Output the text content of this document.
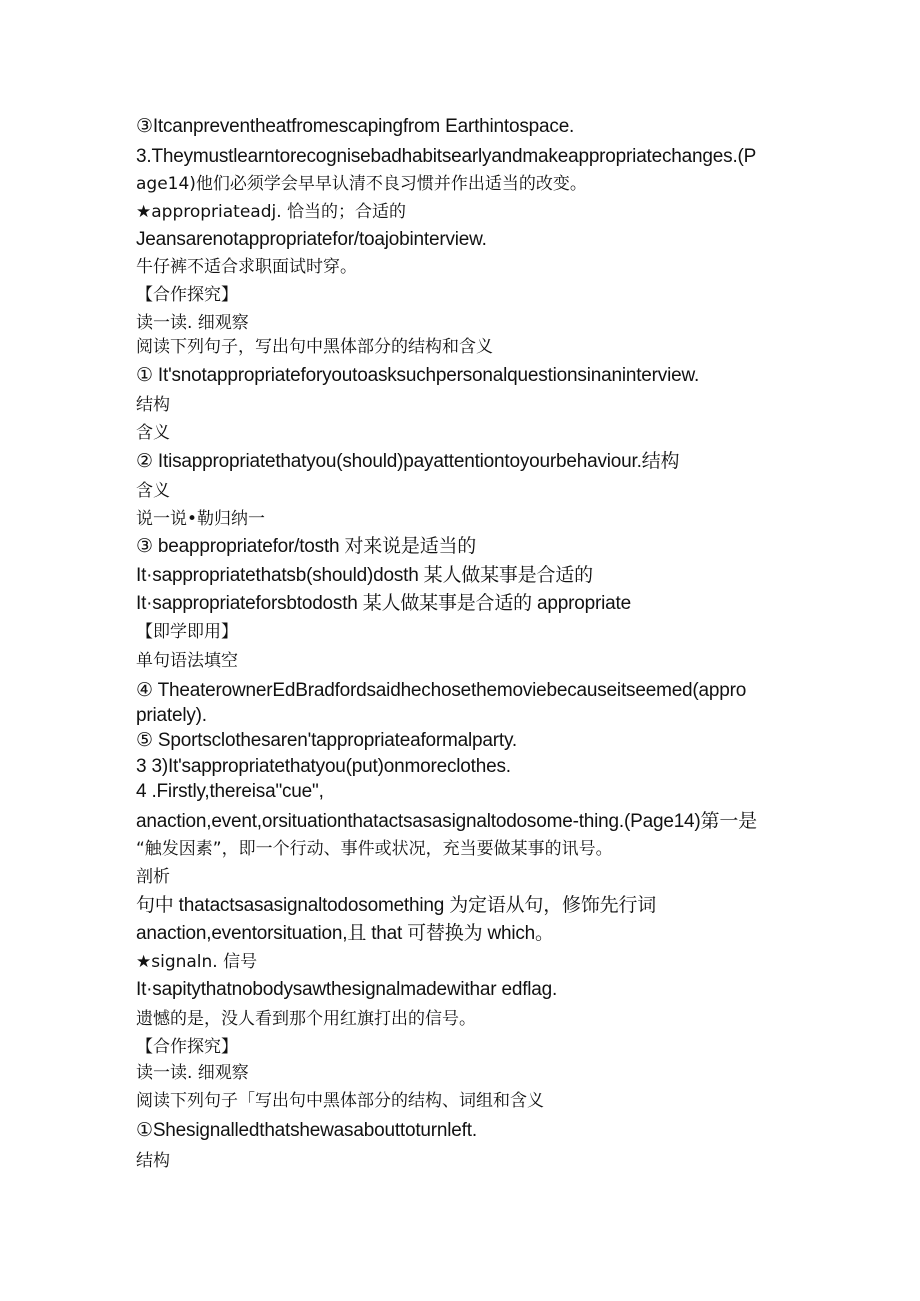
③Itcanpreventheatfromescapingfrom Earthintospace.
3.Theymustlearntorecognisebadhabitsearlyandmakeappropriatechanges.(P
age14)他们必须学会早早认清不良习惯并作出适当的改变。
★appropriateadj. 恰当的；合适的
Jeansarenotappropriatefor/toajobinterview.
牛仔裤不适合求职面试时穿。
【合作探究】
读一读. 细观察
阅读下列句子，写出句中黑体部分的结构和含义
① It'snotappropriateforyoutoasksuchpersonalquestionsinaninterview.
结构
含义
② Itisappropriatethatyou(should)payattentiontoyourbehaviour.结构
含义
说一说•勒归纳一
③ beappropriatefor/tosth 对来说是适当的
It·sappropriatethatsb(should)dosth 某人做某事是合适的
It·sappropriateforsbtodosth 某人做某事是合适的 appropriate
【即学即用】
单句语法填空
④ TheaterownerEdBradfordsaidhechosethemoviebecauseitseemed(appro
priately).
⑤ Sportsclothesaren'tappropriateaformalparty.
3 3)It'sappropriatethatyou(put)onmoreclothes.
4 .Firstly,thereisa"cue",
anaction,event,orsituationthatactsasasignaltodosome-thing.(Page14)第一是
“触发因素”，即一个行动、事件或状况，充当要做某事的讯号。
剖析
句中 thatactsasasignaltodosomething 为定语从句，修饰先行词
anaction,eventorsituation,且 that 可替换为 which。
★signaln. 信号
It·sapitythatnobodysawthesignalmadewithar edflag.
遗憾的是，没人看到那个用红旗打出的信号。
【合作探究】
读一读. 细观察
阅读下列句子「写出句中黑体部分的结构、词组和含义
①Shesignalledthatshewasabouttoturnleft.
结构
